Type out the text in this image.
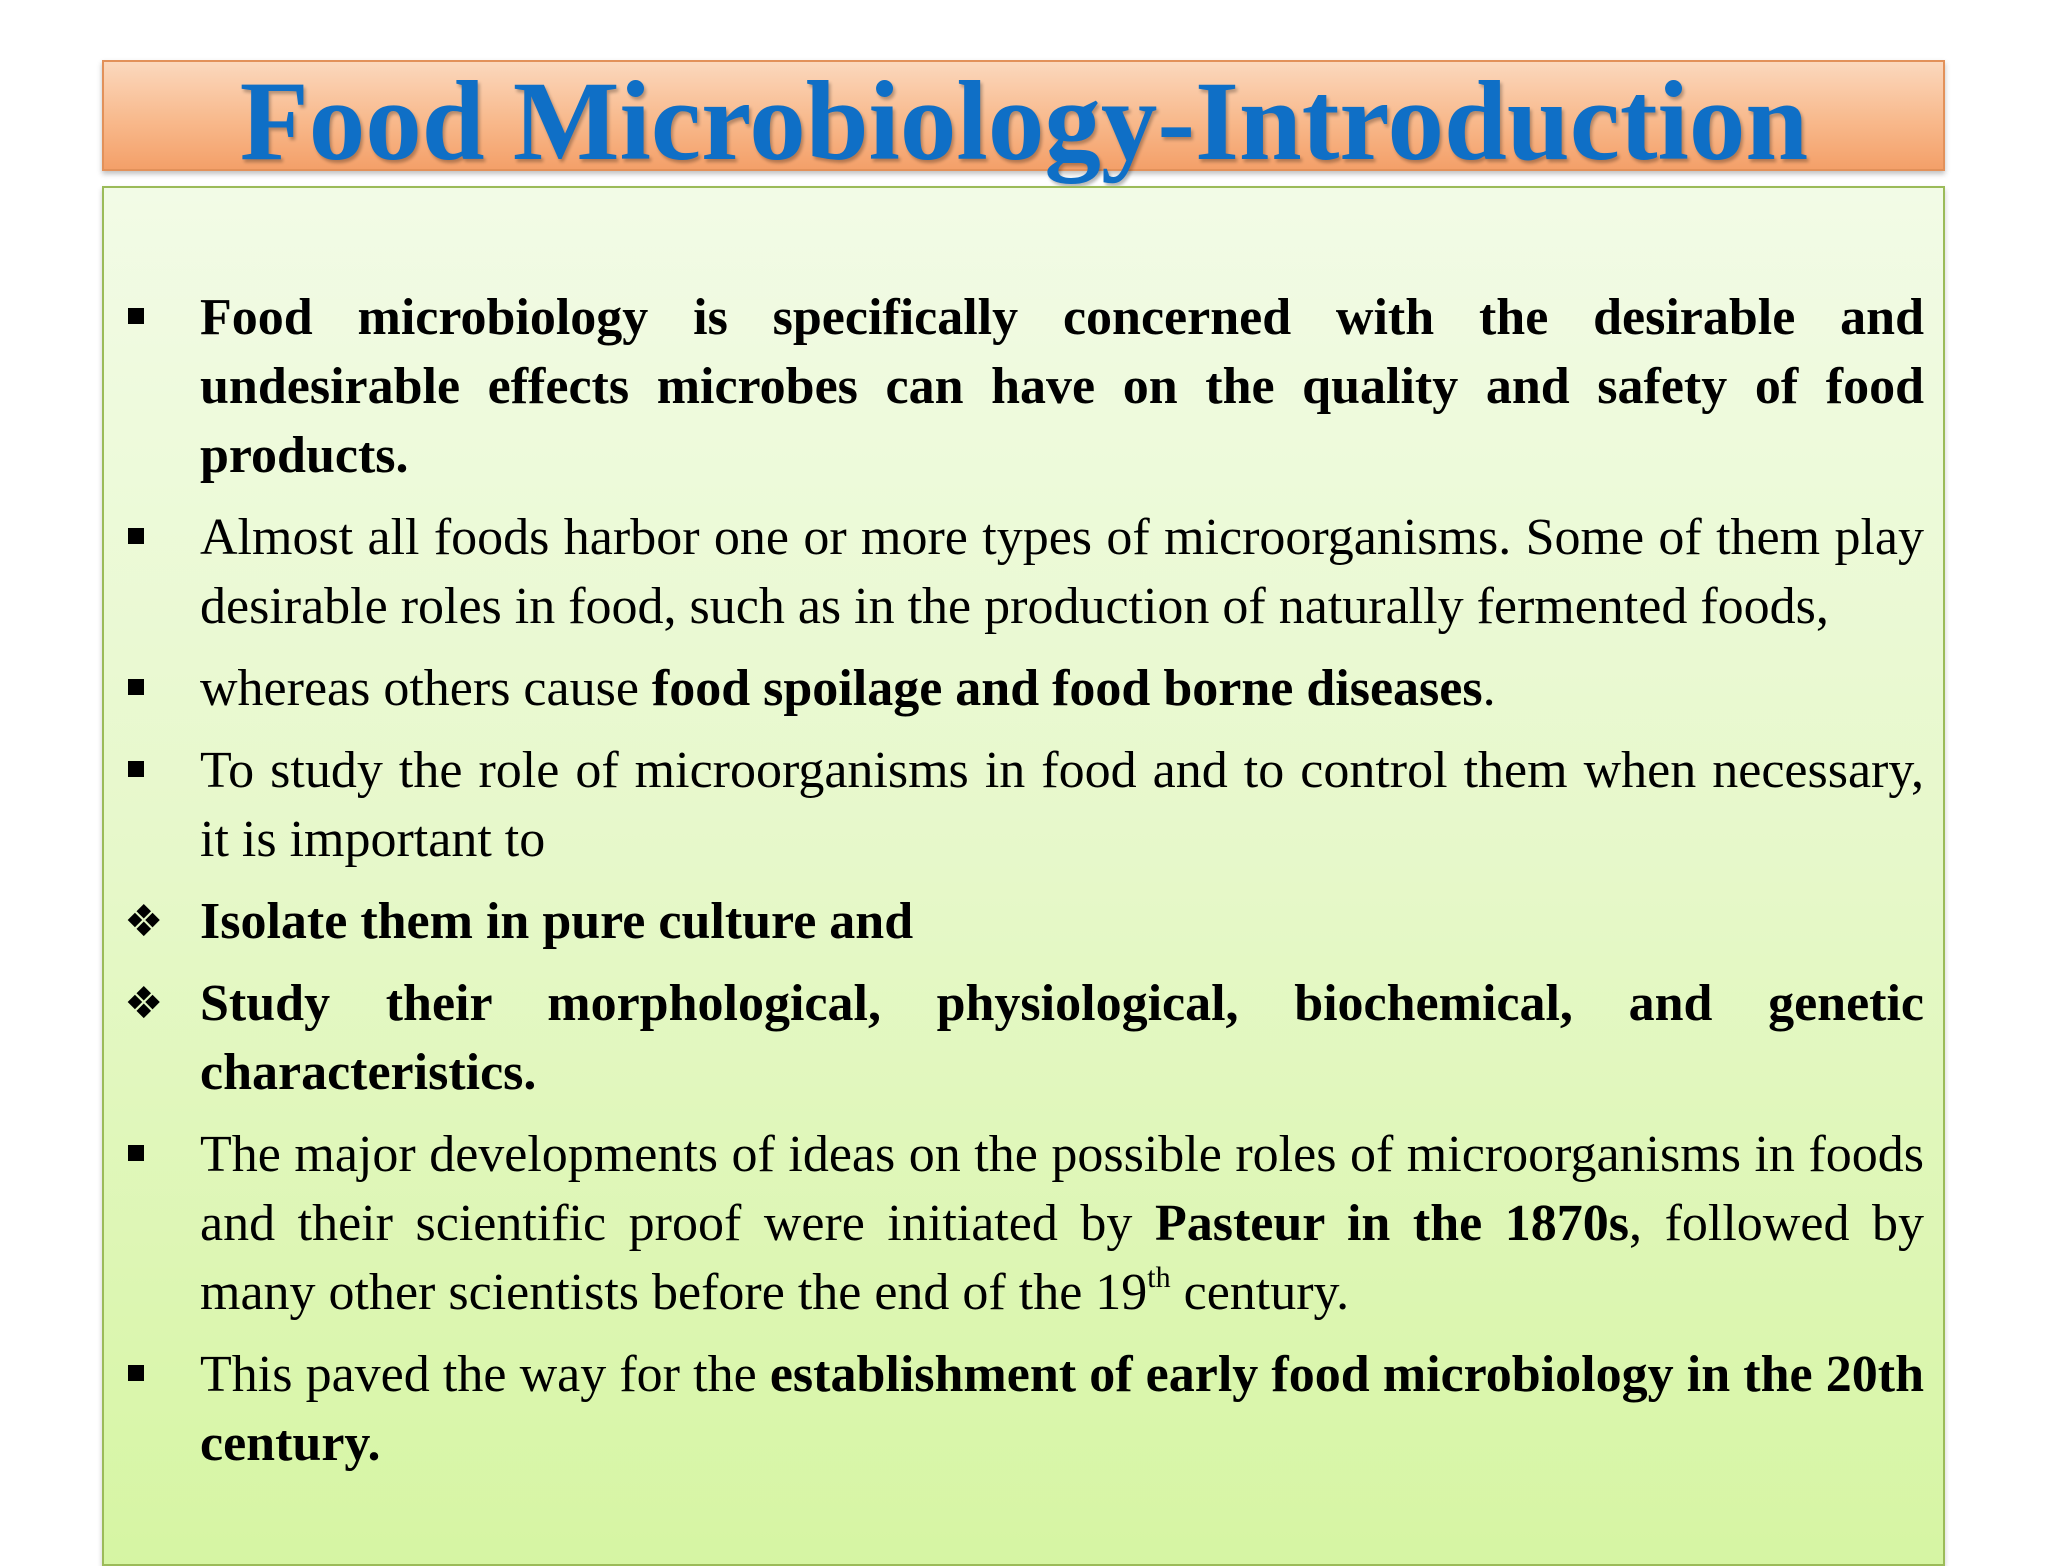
Food Microbiology-Introduction
Food microbiology is specifically concerned with the desirable and undesirable effects microbes can have on the quality and safety of food products.
Almost all foods harbor one or more types of microorganisms. Some of them play desirable roles in food, such as in the production of naturally fermented foods,
whereas others cause food spoilage and food borne diseases.
To study the role of microorganisms in food and to control them when necessary, it is important to
❖ Isolate them in pure culture and
❖ Study their morphological, physiological, biochemical, and genetic characteristics.
The major developments of ideas on the possible roles of microorganisms in foods and their scientific proof were initiated by Pasteur in the 1870s, followed by many other scientists before the end of the 19th century.
This paved the way for the establishment of early food microbiology in the 20th century.
